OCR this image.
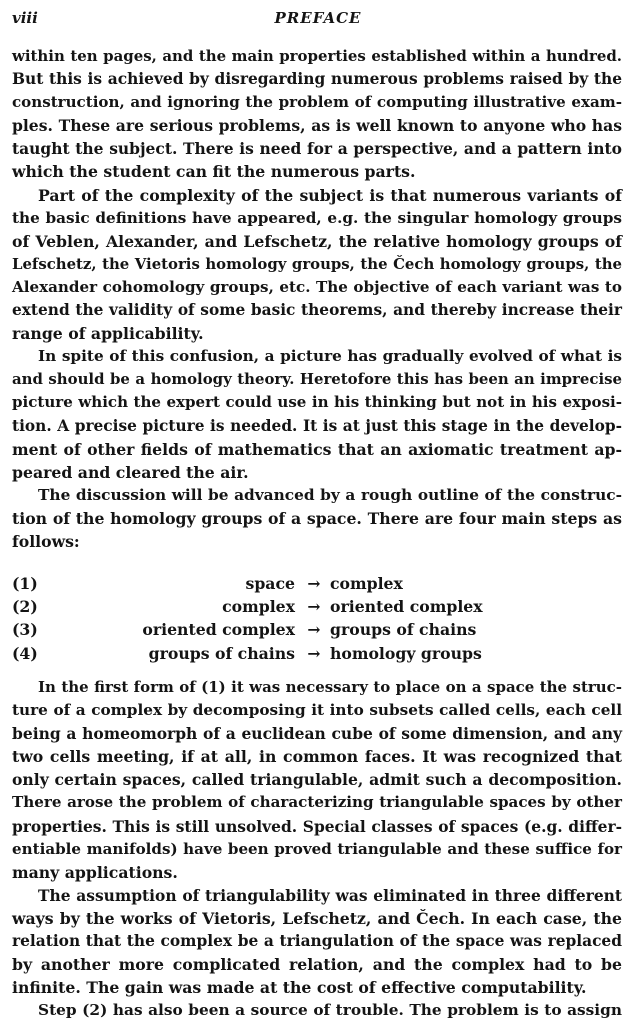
viii	PREFACE
within ten pages, and the main properties established within a hundred.
But this is achieved by disregarding numerous problems raised by the
construction, and ignoring the problem of computing illustrative exam-
ples. These are serious problems, as is well known to anyone who has
taught the subject. There is need for a perspective, and a pattern into
which the student can fit the numerous parts.
Part of the complexity of the subject is that numerous variants of
the basic definitions have appeared, e.g. the singular homology groups
of Veblen, Alexander, and Lefschetz, the relative homology groups of
Lefschetz, the Vietoris homology groups, the Čech homology groups, the
Alexander cohomology groups, etc. The objective of each variant was to
extend the validity of some basic theorems, and thereby increase their
range of applicability.
In spite of this confusion, a picture has gradually evolved of what is
and should be a homology theory. Heretofore this has been an imprecise
picture which the expert could use in his thinking but not in his exposi-
tion. A precise picture is needed. It is at just this stage in the develop-
ment of other fields of mathematics that an axiomatic treatment ap-
peared and cleared the air.
The discussion will be advanced by a rough outline of the construc-
tion of the homology groups of a space. There are four main steps as
follows:
(1)	space → complex
(2)	complex → oriented complex
(3)	oriented complex → groups of chains
(4)	groups of chains → homology groups
In the first form of (1) it was necessary to place on a space the struc-
ture of a complex by decomposing it into subsets called cells, each cell
being a homeomorph of a euclidean cube of some dimension, and any
two cells meeting, if at all, in common faces. It was recognized that
only certain spaces, called triangulable, admit such a decomposition.
There arose the problem of characterizing triangulable spaces by other
properties. This is still unsolved. Special classes of spaces (e.g. differ-
entiable manifolds) have been proved triangulable and these suffice for
many applications.
The assumption of triangulability was eliminated in three different
ways by the works of Vietoris, Lefschetz, and Čech. In each case, the
relation that the complex be a triangulation of the space was replaced
by another more complicated relation, and the complex had to be
infinite. The gain was made at the cost of effective computability.
Step (2) has also been a source of trouble. The problem is to assign
